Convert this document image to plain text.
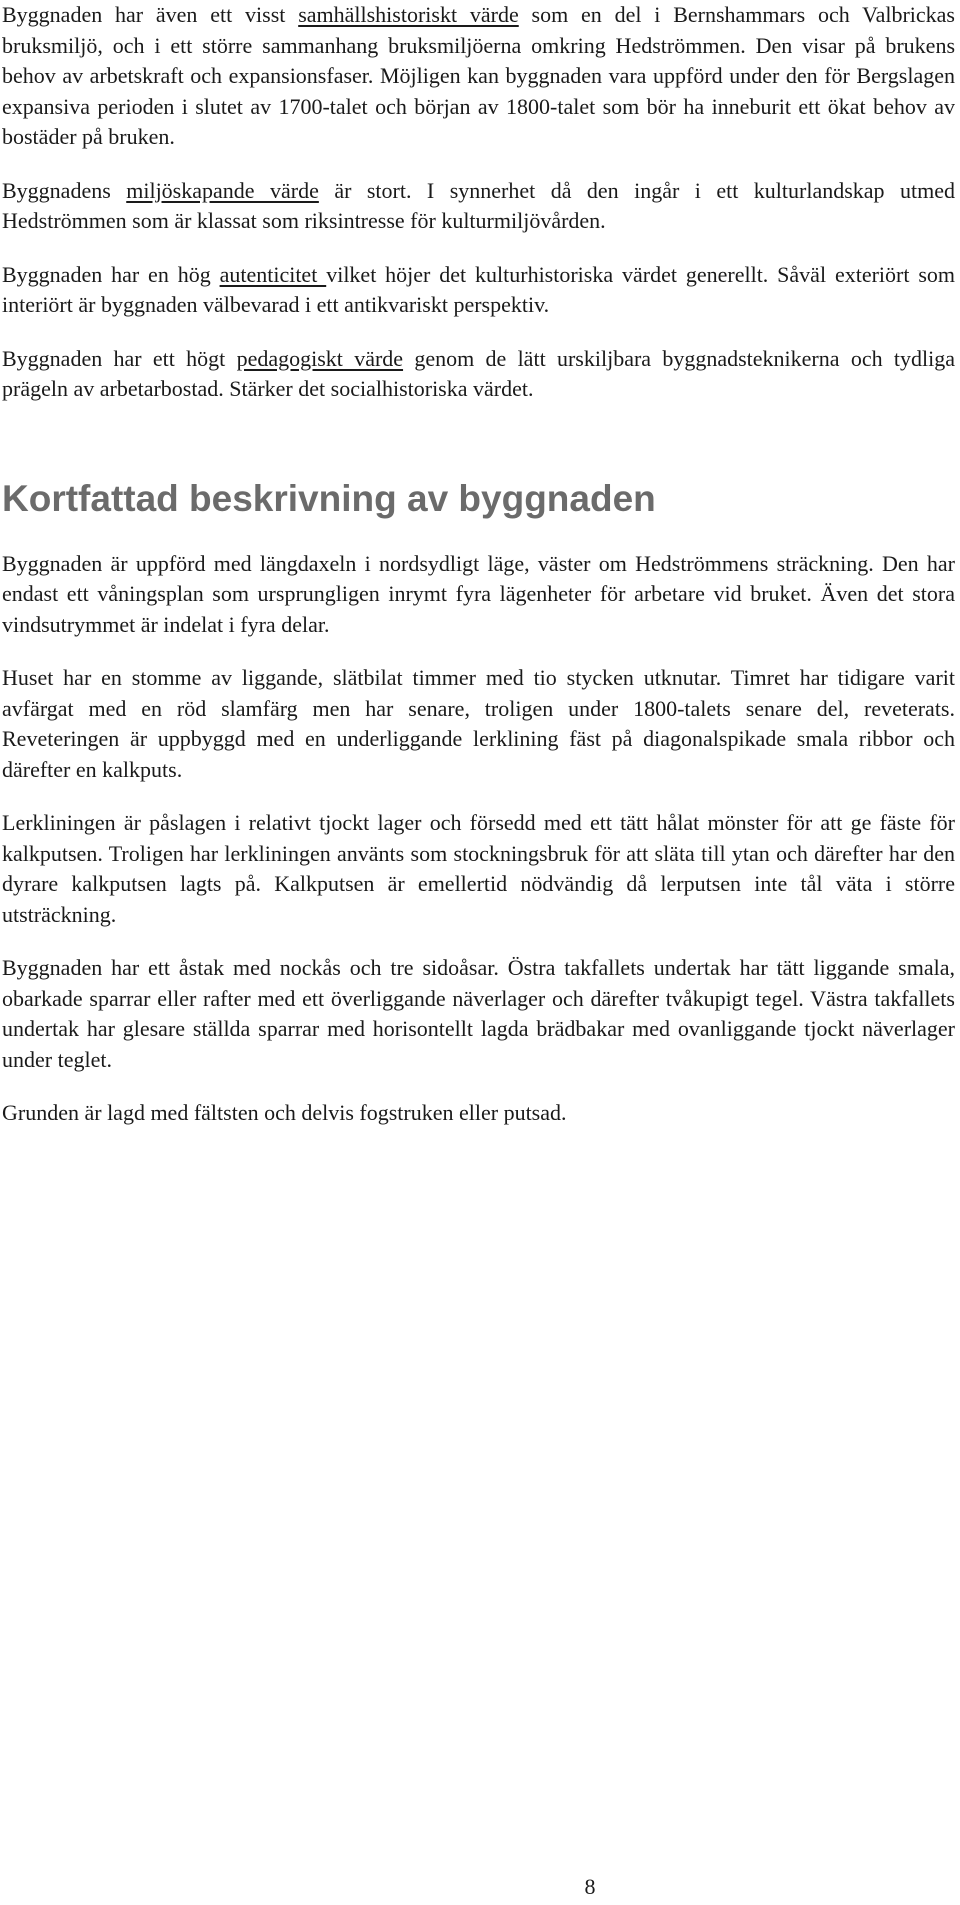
Byggnaden har även ett visst samhällshistoriskt värde som en del i Bernshammars och Valbrickas bruksmiljö, och i ett större sammanhang bruksmiljöerna omkring Hedströmmen. Den visar på brukens behov av arbetskraft och expansionsfaser. Möjligen kan byggnaden vara uppförd under den för Bergslagen expansiva perioden i slutet av 1700-talet och början av 1800-talet som bör ha inneburit ett ökat behov av bostäder på bruken.

Byggnadens miljöskapande värde är stort. I synnerhet då den ingår i ett kulturlandskap utmed Hedströmmen som är klassat som riksintresse för kulturmiljövården.

Byggnaden har en hög autenticitet vilket höjer det kulturhistoriska värdet generellt. Såväl exteriört som interiört är byggnaden välbevarad i ett antikvariskt perspektiv.

Byggnaden har ett högt pedagogiskt värde genom de lätt urskiljbara byggnadsteknikerna och tydliga prägeln av arbetarbostad. Stärker det socialhistoriska värdet.

Kortfattad beskrivning av byggnaden

Byggnaden är uppförd med längdaxeln i nordsydligt läge, väster om Hedströmmens sträckning. Den har endast ett våningsplan som ursprungligen inrymt fyra lägenheter för arbetare vid bruket. Även det stora vindsutrymmet är indelat i fyra delar.

Huset har en stomme av liggande, slätbilat timmer med tio stycken utknutar. Timret har tidigare varit avfärgat med en röd slamfärg men har senare, troligen under 1800-talets senare del, reveterats. Reveteringen är uppbyggd med en underliggande lerklining fäst på diagonalspikade smala ribbor och därefter en kalkputs.

Lerkliningen är påslagen i relativt tjockt lager och försedd med ett tätt hålat mönster för att ge fäste för kalkputsen. Troligen har lerkliningen använts som stockningsbruk för att släta till ytan och därefter har den dyrare kalkputsen lagts på. Kalkputsen är emellertid nödvändig då lerputsen inte tål väta i större utsträckning.

Byggnaden har ett åstak med nockås och tre sidoåsar. Östra takfallets undertak har tätt liggande smala, obarkade sparrar eller rafter med ett överliggande näverlager och därefter tvåkupigt tegel. Västra takfallets undertak har glesare ställda sparrar med horisontellt lagda brädbakar med ovanliggande tjockt näverlager under teglet.

Grunden är lagd med fältsten och delvis fogstruken eller putsad.

8
